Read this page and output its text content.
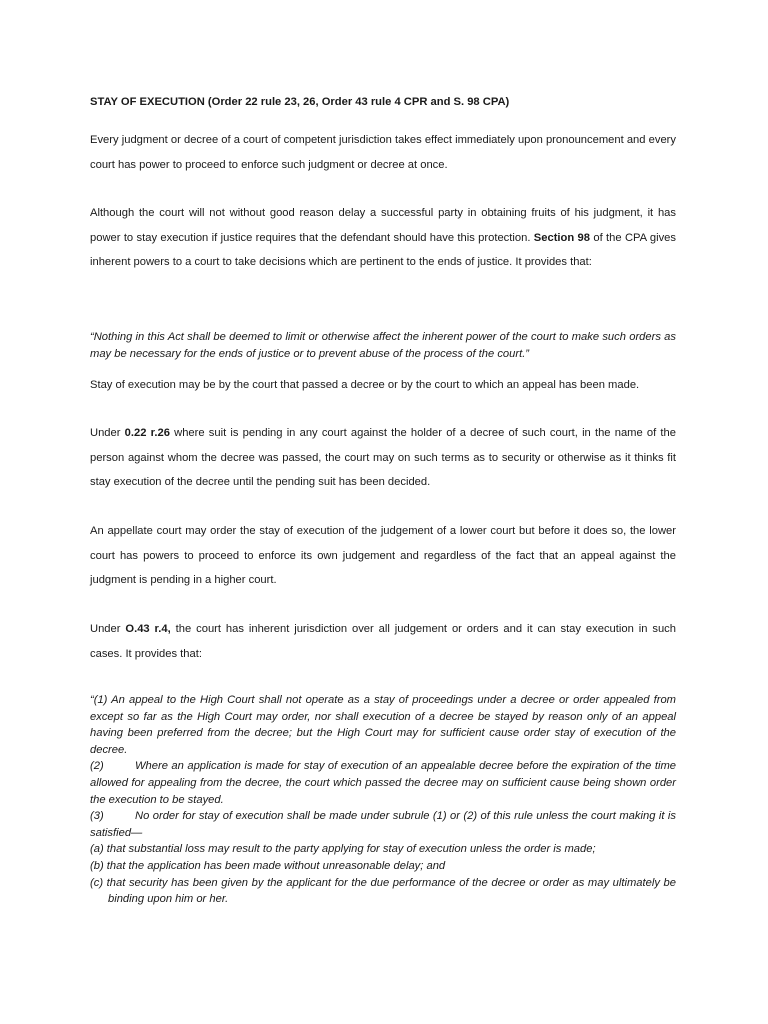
STAY OF EXECUTION (Order 22 rule 23, 26, Order 43 rule 4 CPR and S. 98 CPA)

Every judgment or decree of a court of competent jurisdiction takes effect immediately upon pronouncement and every court has power to proceed to enforce such judgment or decree at once.

Although the court will not without good reason delay a successful party in obtaining fruits of his judgment, it has power to stay execution if justice requires that the defendant should have this protection. Section 98 of the CPA gives inherent powers to a court to take decisions which are pertinent to the ends of justice. It provides that:

“Nothing in this Act shall be deemed to limit or otherwise affect the inherent power of the court to make such orders as may be necessary for the ends of justice or to prevent abuse of the process of the court.”

Stay of execution may be by the court that passed a decree or by the court to which an appeal has been made.

Under 0.22 r.26 where suit is pending in any court against the holder of a decree of such court, in the name of the person against whom the decree was passed, the court may on such terms as to security or otherwise as it thinks fit stay execution of the decree until the pending suit has been decided.

An appellate court may order the stay of execution of the judgement of a lower court but before it does so, the lower court has powers to proceed to enforce its own judgement and regardless of the fact that an appeal against the judgment is pending in a higher court.

Under O.43 r.4, the court has inherent jurisdiction over all judgement or orders and it can stay execution in such cases. It provides that:

“(1) An appeal to the High Court shall not operate as a stay of proceedings under a decree or order appealed from except so far as the High Court may order, nor shall execution of a decree be stayed by reason only of an appeal having been preferred from the decree; but the High Court may for sufficient cause order stay of execution of the decree.
(2)	Where an application is made for stay of execution of an appealable decree before the expiration of the time allowed for appealing from the decree, the court which passed the decree may on sufficient cause being shown order the execution to be stayed.
(3)	No order for stay of execution shall be made under subrule (1) or (2) of this rule unless the court making it is satisfied—
(a) that substantial loss may result to the party applying for stay of execution unless the order is made;
(b) that the application has been made without unreasonable delay; and
(c) that security has been given by the applicant for the due performance of the decree or order as may ultimately be binding upon him or her.
